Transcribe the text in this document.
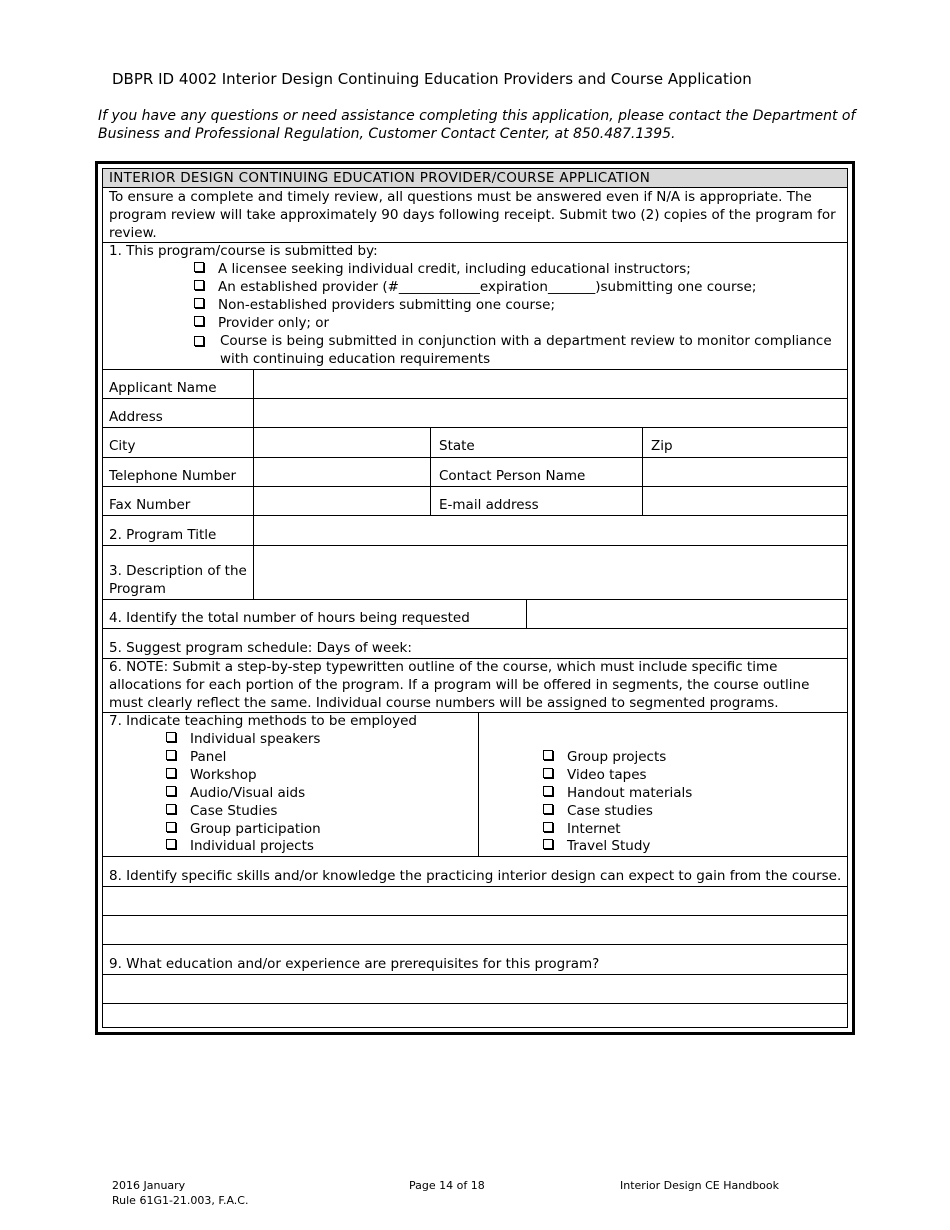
DBPR ID 4002 Interior Design Continuing Education Providers and Course Application
If you have any questions or need assistance completing this application, please contact the Department of Business and Professional Regulation, Customer Contact Center, at 850.487.1395.
INTERIOR DESIGN CONTINUING EDUCATION PROVIDER/COURSE APPLICATION
To ensure a complete and timely review, all questions must be answered even if N/A is appropriate. The program review will take approximately 90 days following receipt. Submit two (2) copies of the program for review.
1. This program/course is submitted by:
A licensee seeking individual credit, including educational instructors;
An established provider (#____________expiration_______)submitting one course;
Non-established providers submitting one course;
Provider only; or
Course is being submitted in conjunction with a department review to monitor compliance with continuing education requirements
Applicant Name
Address
City	State	Zip
Telephone Number	Contact Person Name
Fax Number	E-mail address
2. Program Title
3. Description of the Program
4. Identify the total number of hours being requested
5. Suggest program schedule: Days of week:
6. NOTE: Submit a step-by-step typewritten outline of the course, which must include specific time allocations for each portion of the program. If a program will be offered in segments, the course outline must clearly reflect the same. Individual course numbers will be assigned to segmented programs.
7. Indicate teaching methods to be employed
Individual speakers
Panel
Workshop
Audio/Visual aids
Case Studies
Group participation
Individual projects
Group projects
Video tapes
Handout materials
Case studies
Internet
Travel Study
8. Identify specific skills and/or knowledge the practicing interior design can expect to gain from the course.
9. What education and/or experience are prerequisites for this program?
2016 January
Rule 61G1-21.003, F.A.C.
Page 14 of 18	Interior Design CE Handbook
